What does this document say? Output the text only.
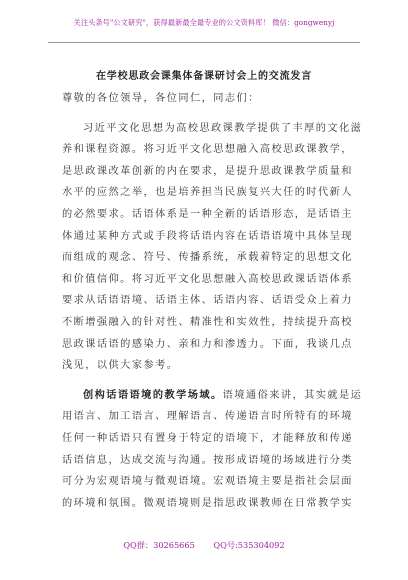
关注头条号"公文研究"，获得最新最全最专业的公文资料库！ 微信：gongwenyj
在学校思政会课集体备课研讨会上的交流发言
尊敬的各位领导，各位同仁，同志们：
习近平文化思想为高校思政课教学提供了丰厚的文化滋
养和课程资源。将习近平文化思想融入高校思政课教学，
是思政课改革创新的内在要求，是提升思政课教学质量和
水平的应然之举，也是培养担当民族复兴大任的时代新人
的必然要求。话语体系是一种全新的话语形态，是话语主
体通过某种方式或手段将话语内容在话语语境中具体呈现
而组成的观念、符号、传播系统，承载着特定的思想文化
和价值信仰。将习近平文化思想融入高校思政课话语体系
要求从话语语境、话语主体、话语内容、话语受众上着力
不断增强融入的针对性、精准性和实效性，持续提升高校
思政课话语的感染力、亲和力和渗透力。下面，我谈几点
浅见，以供大家参考。
创构话语语境的教学场域。语境通俗来讲，其实就是运
用语言、加工语言、理解语言、传递语言时所特有的环境
任何一种话语只有置身于特定的语境下，才能释放和传递
话语信息，达成交流与沟通。按形成语境的场域进行分类
可分为宏观语境与微观语境。宏观语境主要是指社会层面
的环境和氛围。微观语境则是指思政课教师在日常教学实
QQ群：30265665 QQ号:535304092
